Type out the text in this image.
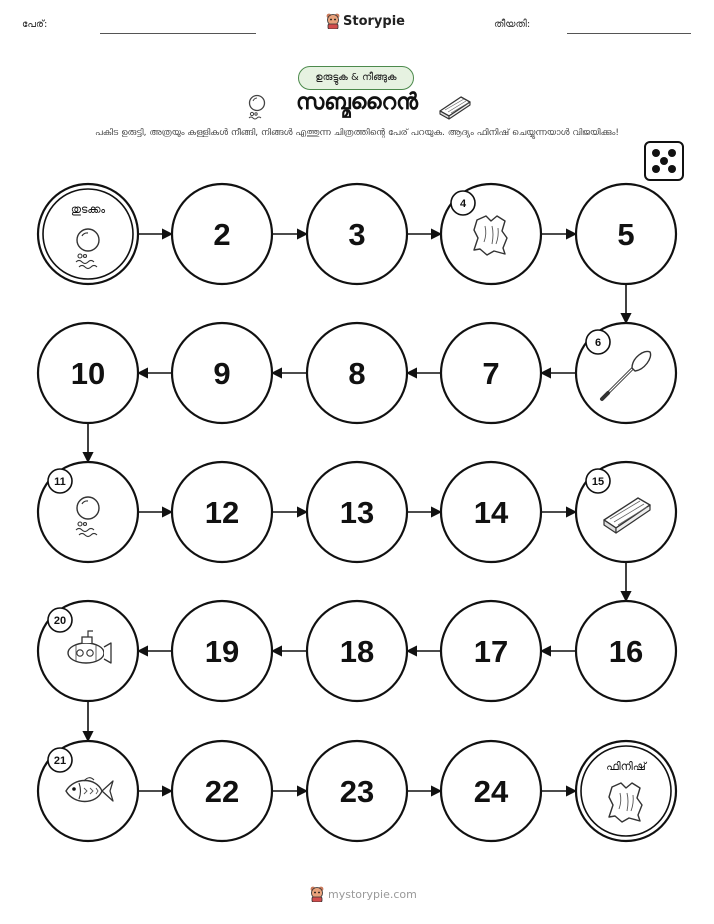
പേര്:	Storypie	തീയതി:
ഉരുട്ടുക & നീങ്ങുക
സബ്മറൈൻ
പകിട ഉരുട്ടി, അത്രയും കള്ളികൾ നീങ്ങി, നിങ്ങൾ എത്തുന്ന ചിത്രത്തിന്റെ പേര് പറയുക. ആദ്യം ഫിനിഷ് ചെയ്യുന്നയാൾ വിജയിക്കും!
തുടക്കം
2	3
4
5
10	9	8	7
6
11
12	13	14
15
20
19	18	17	16
21
22	23	24
ഫിനിഷ്
mystorypie.com
